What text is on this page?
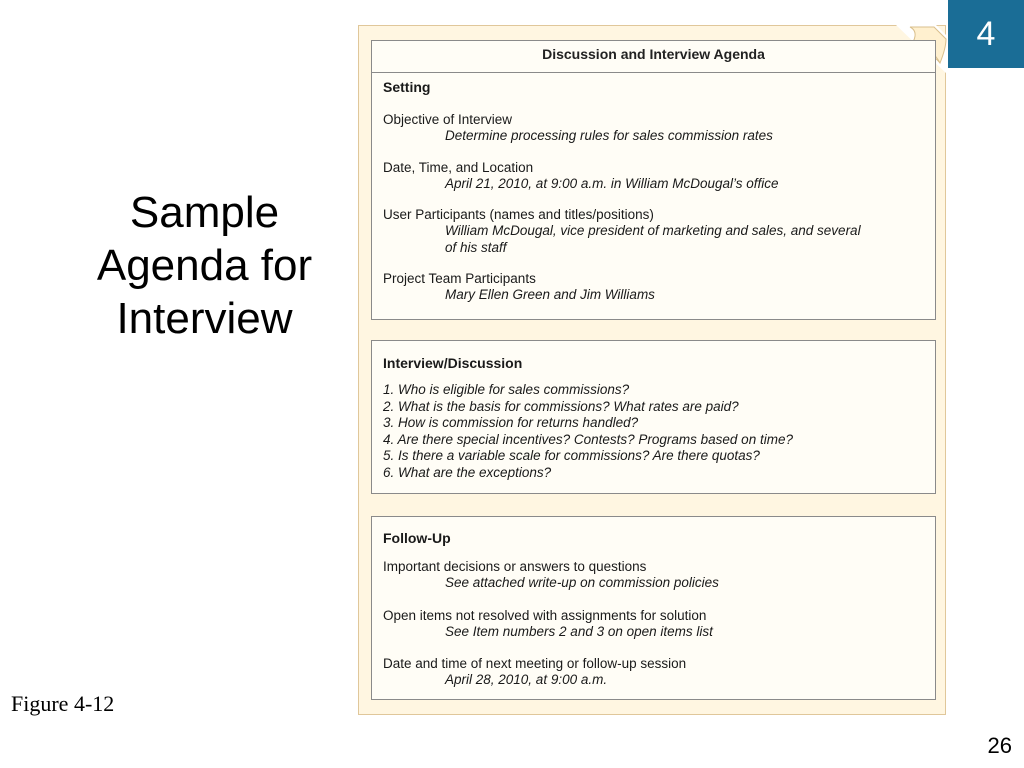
Sample
Agenda for
Interview
Figure 4-12
26
4
Discussion and Interview Agenda
Setting
Objective of Interview
Determine processing rules for sales commission rates
Date, Time, and Location
April 21, 2010, at 9:00 a.m. in William McDougal’s office
User Participants (names and titles/positions)
William McDougal, vice president of marketing and sales, and several of his staff
Project Team Participants
Mary Ellen Green and Jim Williams
Interview/Discussion
1. Who is eligible for sales commissions?
2. What is the basis for commissions? What rates are paid?
3. How is commission for returns handled?
4. Are there special incentives? Contests? Programs based on time?
5. Is there a variable scale for commissions? Are there quotas?
6. What are the exceptions?
Follow-Up
Important decisions or answers to questions
See attached write-up on commission policies
Open items not resolved with assignments for solution
See Item numbers 2 and 3 on open items list
Date and time of next meeting or follow-up session
April 28, 2010, at 9:00 a.m.
